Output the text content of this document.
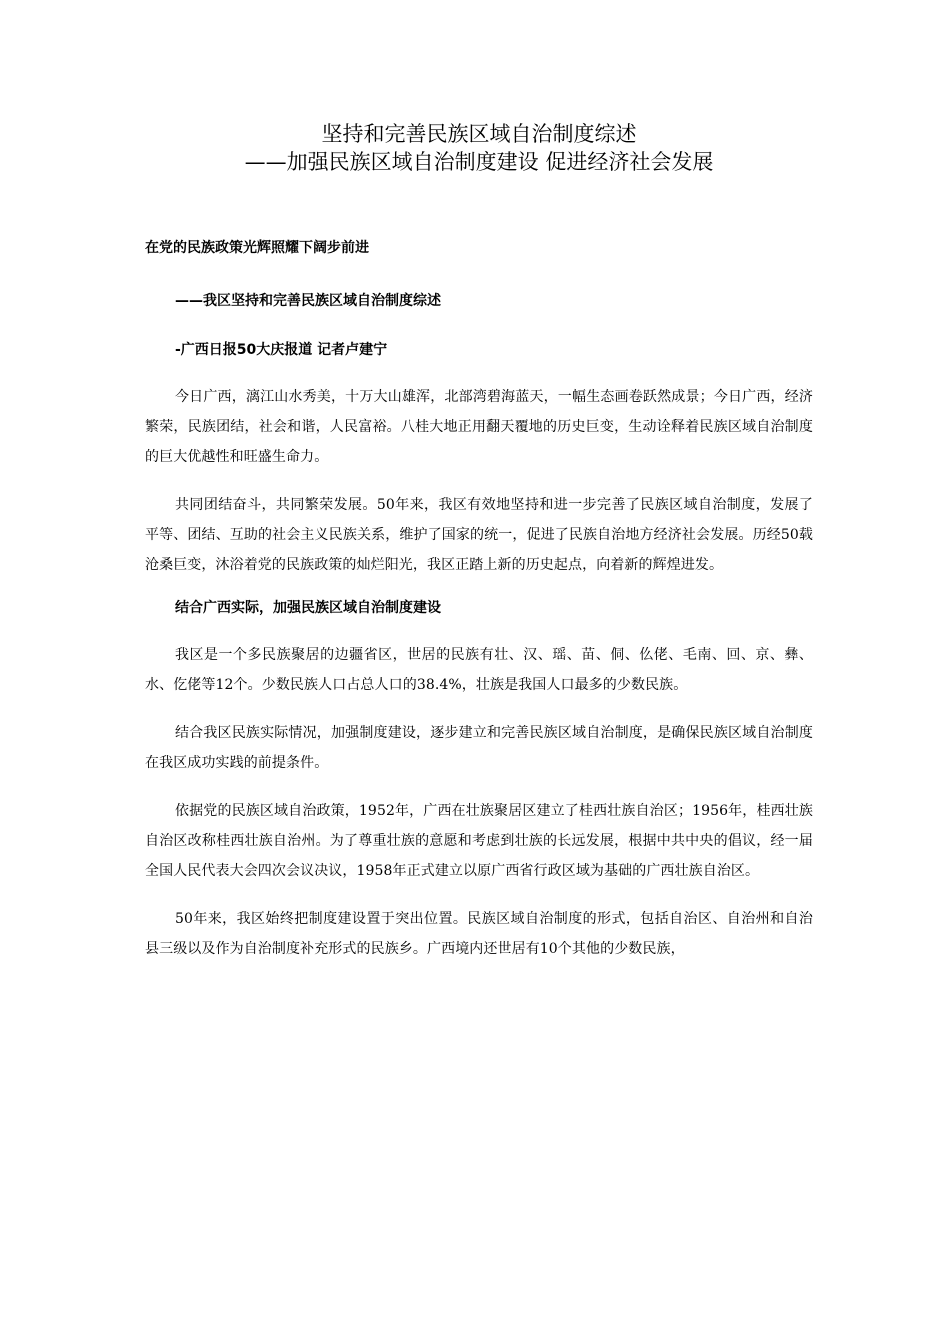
坚持和完善民族区域自治制度综述
——加强民族区域自治制度建设 促进经济社会发展

在党的民族政策光辉照耀下阔步前进

——我区坚持和完善民族区域自治制度综述

-广西日报50大庆报道 记者卢建宁

今日广西，漓江山水秀美，十万大山雄浑，北部湾碧海蓝天，一幅生态画卷跃然成景；今日广西，经济繁荣，民族团结，社会和谐，人民富裕。八桂大地正用翻天覆地的历史巨变，生动诠释着民族区域自治制度的巨大优越性和旺盛生命力。

共同团结奋斗，共同繁荣发展。50年来，我区有效地坚持和进一步完善了民族区域自治制度，发展了平等、团结、互助的社会主义民族关系，维护了国家的统一，促进了民族自治地方经济社会发展。历经50载沧桑巨变，沐浴着党的民族政策的灿烂阳光，我区正踏上新的历史起点，向着新的辉煌进发。

结合广西实际，加强民族区域自治制度建设

我区是一个多民族聚居的边疆省区，世居的民族有壮、汉、瑶、苗、侗、仫佬、毛南、回、京、彝、水、仡佬等12个。少数民族人口占总人口的38.4%，壮族是我国人口最多的少数民族。

结合我区民族实际情况，加强制度建设，逐步建立和完善民族区域自治制度，是确保民族区域自治制度在我区成功实践的前提条件。

依据党的民族区域自治政策，1952年，广西在壮族聚居区建立了桂西壮族自治区；1956年，桂西壮族自治区改称桂西壮族自治州。为了尊重壮族的意愿和考虑到壮族的长远发展，根据中共中央的倡议，经一届全国人民代表大会四次会议决议，1958年正式建立以原广西省行政区域为基础的广西壮族自治区。

50年来，我区始终把制度建设置于突出位置。民族区域自治制度的形式，包括自治区、自治州和自治县三级以及作为自治制度补充形式的民族乡。广西境内还世居有10个其他的少数民族，
